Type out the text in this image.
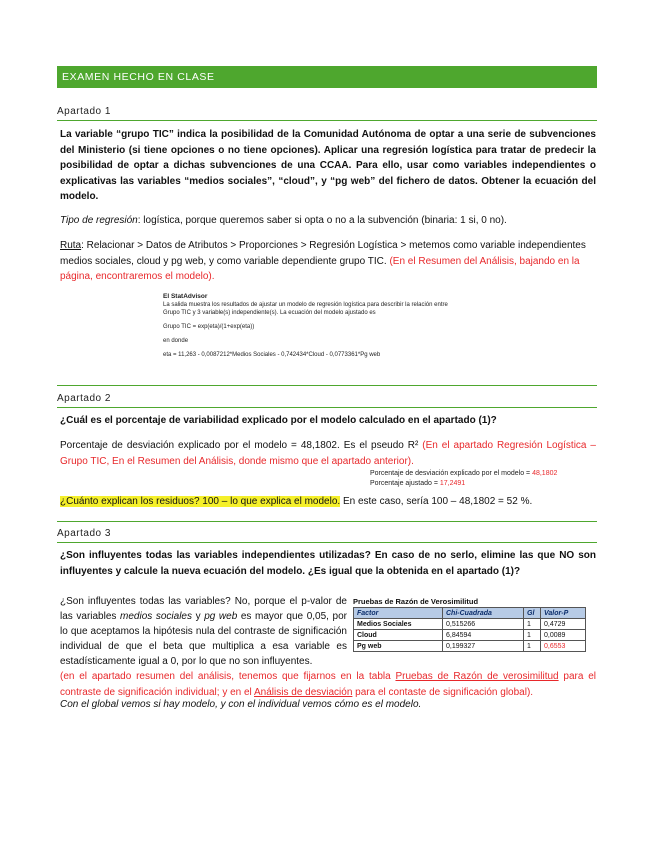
EXAMEN HECHO EN CLASE
Apartado 1
La variable “grupo TIC” indica la posibilidad de la Comunidad Autónoma de optar a una serie de subvenciones del Ministerio (si tiene opciones o no tiene opciones). Aplicar una regresión logística para tratar de predecir la posibilidad de optar a dichas subvenciones de una CCAA. Para ello, usar como variables independientes o explicativas las variables “medios sociales”, “cloud”, y “pg web” del fichero de datos. Obtener la ecuación del modelo.
Tipo de regresión: logística, porque queremos saber si opta o no a la subvención (binaria: 1 si, 0 no).
Ruta: Relacionar > Datos de Atributos > Proporciones > Regresión Logística > metemos como variable independientes medios sociales, cloud y pg web, y como variable dependiente grupo TIC. (En el Resumen del Análisis, bajando en la página, encontraremos el modelo).
El StatAdvisor
La salida muestra los resultados de ajustar un modelo de regresión logística para describir la relación entre
Grupo TIC y 3 variable(s) independiente(s). La ecuación del modelo ajustado es
Grupo TIC = exp(eta)/(1+exp(eta))
en donde
eta = 11,263 - 0,0087212*Medios Sociales - 0,742434*Cloud - 0,0773361*Pg web
Apartado 2
¿Cuál es el porcentaje de variabilidad explicado por el modelo calculado en el apartado (1)?
Porcentaje de desviación explicado por el modelo = 48,1802. Es el pseudo R² (En el apartado Regresión Logística – Grupo TIC, En el Resumen del Análisis, donde mismo que el apartado anterior).
Porcentaje de desviación explicado por el modelo = 48,1802
Porcentaje ajustado = 17,2491
¿Cuánto explican los residuos? 100 – lo que explica el modelo. En este caso, sería 100 – 48,1802 = 52 %.
Apartado 3
¿Son influyentes todas las variables independientes utilizadas? En caso de no serlo, elimine las que NO son influyentes y calcule la nueva ecuación del modelo. ¿Es igual que la obtenida en el apartado (1)?
¿Son influyentes todas las variables? No, porque el p-valor de las variables medios sociales y pg web es mayor que 0,05, por lo que aceptamos la hipótesis nula del contraste de significación individual de que el beta que multiplica a esa variable es estadísticamente igual a 0, por lo que no son influyentes.
Pruebas de Razón de Verosimilitud
Factor	Chi-Cuadrada	Gl	Valor-P
Medios Sociales	0,515266	1	0,4729
Cloud	6,84594	1	0,0089
Pg web	0,199327	1	0,6553
(en el apartado resumen del análisis, tenemos que fijarnos en la tabla Pruebas de Razón de verosimilitud para el contraste de significación individual; y en el Análisis de desviación para el contaste de significación global).
Con el global vemos si hay modelo, y con el individual vemos cómo es el modelo.
